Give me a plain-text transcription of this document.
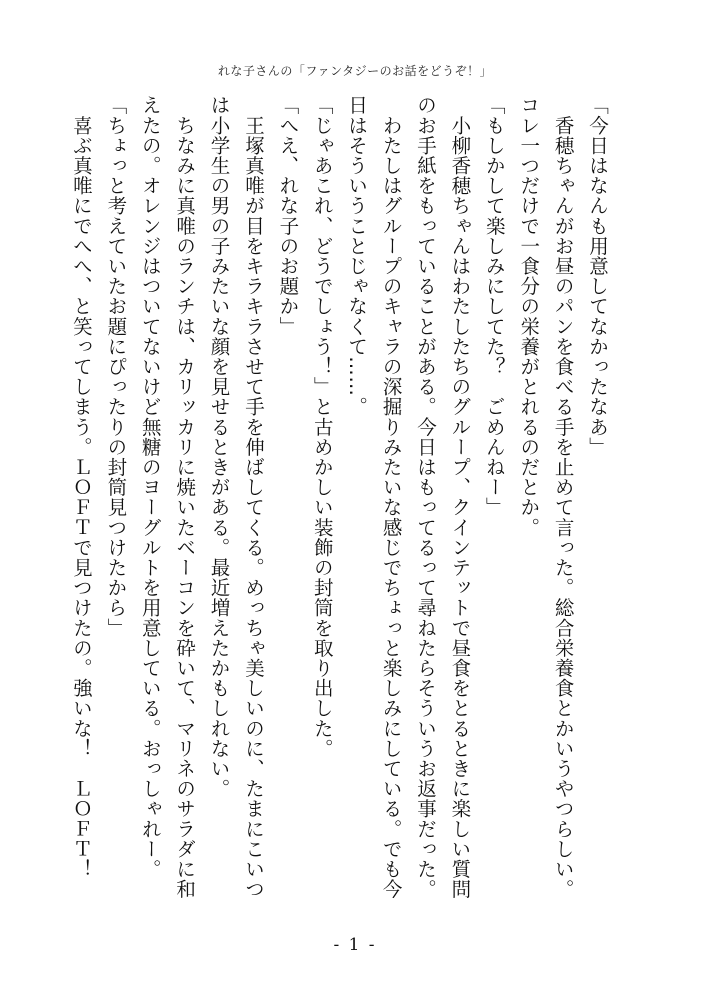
れな子さんの「ファンタジーのお話をどうぞ！」

「今日はなんも用意してなかったなあ」

　香穂ちゃんがお昼のパンを食べる手を止めて言った。総合栄養食とかいうやつらしい。

コレ一つだけで一食分の栄養がとれるのだとか。

「もしかして楽しみにしてた？　ごめんねー」

　小柳香穂ちゃんはわたしたちのグループ、クインテットで昼食をとるときに楽しい質問

のお手紙をもっていることがある。今日はもってるって尋ねたらそういうお返事だった。

　わたしはグループのキャラの深掘りみたいな感じでちょっと楽しみにしている。でも今

日はそういうことじゃなくて……。

「じゃあこれ、どうでしょう！」と古めかしい装飾の封筒を取り出した。

「へえ、れな子のお題か」

　王塚真唯が目をキラキラさせて手を伸ばしてくる。めっちゃ美しいのに、たまにこいつ

は小学生の男の子みたいな顔を見せるときがある。最近増えたかもしれない。

　ちなみに真唯のランチは、カリッカリに焼いたベーコンを砕いて、マリネのサラダに和

えたの。オレンジはついてないけど無糖のヨーグルトを用意している。おっしゃれー。

「ちょっと考えていたお題にぴったりの封筒見つけたから」

　喜ぶ真唯にでへへ、と笑ってしまう。ＬＯＦＴで見つけたの。強いな！　ＬＯＦＴ！

- 1 -
